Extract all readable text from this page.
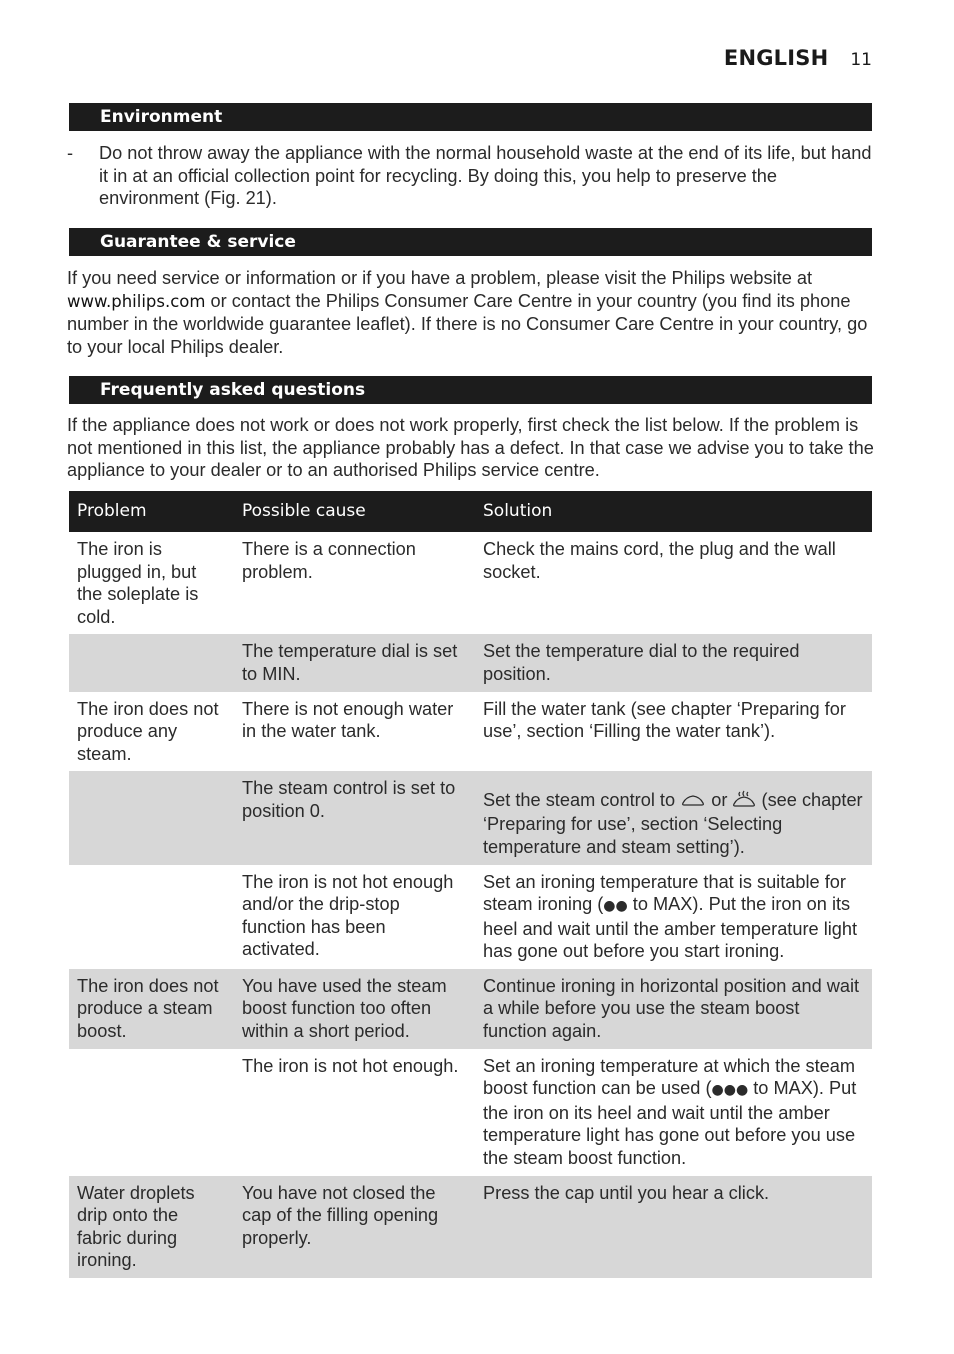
ENGLISH 11
Environment
- Do not throw away the appliance with the normal household waste at the end of its life, but hand it in at an official collection point for recycling. By doing this, you help to preserve the environment (Fig. 21).
Guarantee & service
If you need service or information or if you have a problem, please visit the Philips website at www.philips.com or contact the Philips Consumer Care Centre in your country (you find its phone number in the worldwide guarantee leaflet). If there is no Consumer Care Centre in your country, go to your local Philips dealer.
Frequently asked questions
If the appliance does not work or does not work properly, first check the list below. If the problem is not mentioned in this list, the appliance probably has a defect. In that case we advise you to take the appliance to your dealer or to an authorised Philips service centre.
Problem	Possible cause	Solution
The iron is plugged in, but the soleplate is cold.	There is a connection problem.	Check the mains cord, the plug and the wall socket.
	The temperature dial is set to MIN.	Set the temperature dial to the required position.
The iron does not produce any steam.	There is not enough water in the water tank.	Fill the water tank (see chapter ‘Preparing for use’, section ‘Filling the water tank’).
	The steam control is set to position 0.	Set the steam control to or (see chapter ‘Preparing for use’, section ‘Selecting temperature and steam setting’).
	The iron is not hot enough and/or the drip-stop function has been activated.	Set an ironing temperature that is suitable for steam ironing (●● to MAX). Put the iron on its heel and wait until the amber temperature light has gone out before you start ironing.
The iron does not produce a steam boost.	You have used the steam boost function too often within a short period.	Continue ironing in horizontal position and wait a while before you use the steam boost function again.
	The iron is not hot enough.	Set an ironing temperature at which the steam boost function can be used (●●● to MAX). Put the iron on its heel and wait until the amber temperature light has gone out before you use the steam boost function.
Water droplets drip onto the fabric during ironing.	You have not closed the cap of the filling opening properly.	Press the cap until you hear a click.
